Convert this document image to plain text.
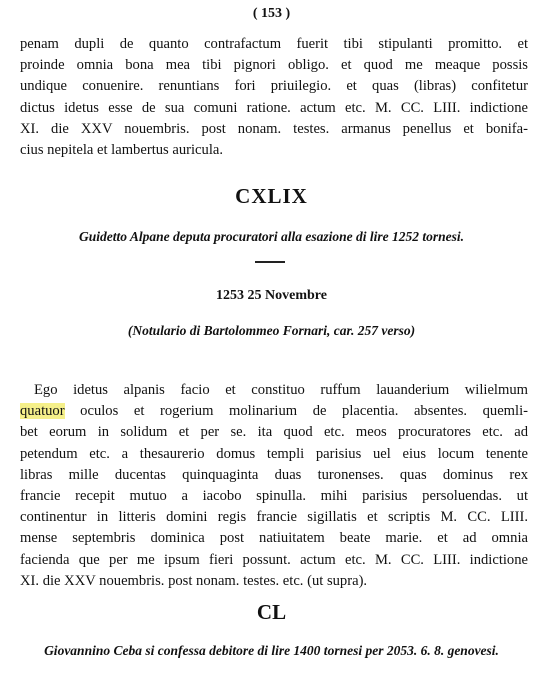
( 153 )
penam dupli de quanto contrafactum fuerit tibi stipulanti promitto. et
proinde omnia bona mea tibi pignori obligo. et quod me meaque possis
undique conuenire. renuntians fori priuilegio. et quas (libras) confitetur
dictus idetus esse de sua comuni ratione. actum etc. M. CC. LIII. indictione
XI. die XXV nouembris. post nonam. testes. armanus penellus et bonifa-
cius nepitela et lambertus auricula.
CXLIX
Guidetto Alpane deputa procuratori alla esazione di lire 1252 tornesi.
1253 25 Novembre
(Notulario di Bartolommeo Fornari, car. 257 verso)
Ego idetus alpanis facio et constituo ruffum lauanderium wilielmum
quatuor oculos et rogerium molinarium de placentia. absentes. quemli-
bet eorum in solidum et per se. ita quod etc. meos procuratores etc. ad
petendum etc. a thesaurerio domus templi parisius uel eius locum tenente
libras mille ducentas quinquaginta duas turonenses. quas dominus rex
francie recepit mutuo a iacobo spinulla. mihi parisius persoluendas. ut
continentur in litteris domini regis francie sigillatis et scriptis M. CC. LIII.
mense septembris dominica post natiuitatem beate marie. et ad omnia
facienda que per me ipsum fieri possunt. actum etc. M. CC. LIII. indictione
XI. die XXV nouembris. post nonam. testes. etc. (ut supra).
CL
Giovannino Ceba si confessa debitore di lire 1400 tornesi per 2053. 6. 8. genovesi.
